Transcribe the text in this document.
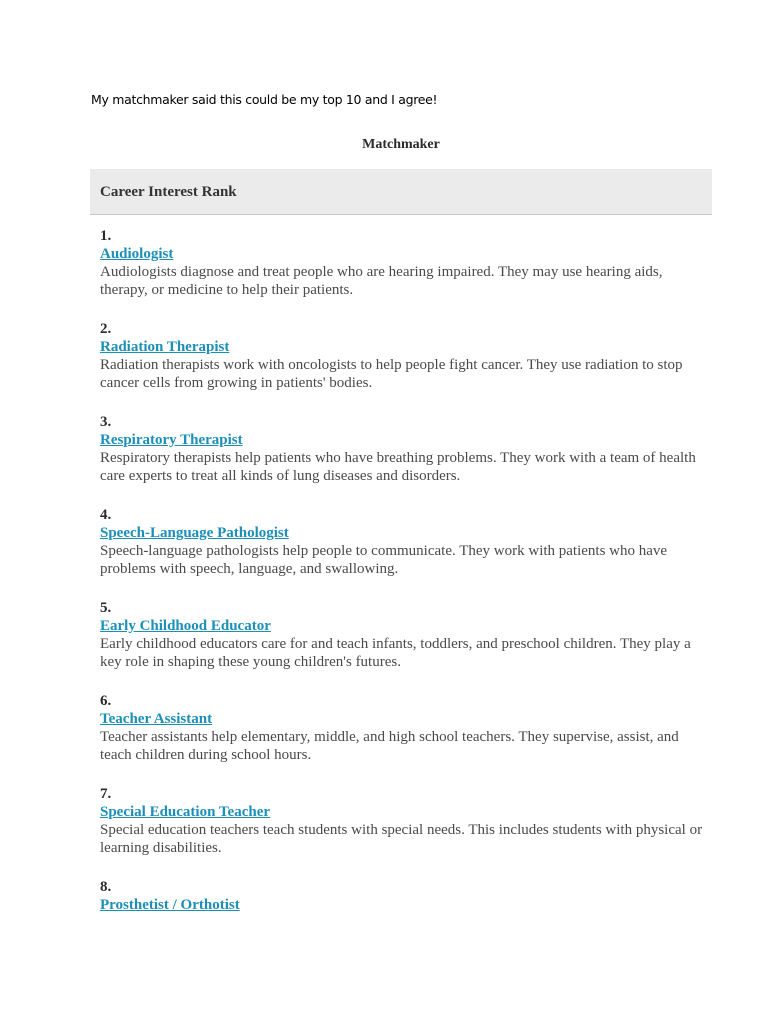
My matchmaker said this could be my top 10 and I agree!
Matchmaker
Career Interest Rank
1.
Audiologist
Audiologists diagnose and treat people who are hearing impaired. They may use hearing aids, therapy, or medicine to help their patients.
2.
Radiation Therapist
Radiation therapists work with oncologists to help people fight cancer. They use radiation to stop cancer cells from growing in patients' bodies.
3.
Respiratory Therapist
Respiratory therapists help patients who have breathing problems. They work with a team of health care experts to treat all kinds of lung diseases and disorders.
4.
Speech-Language Pathologist
Speech-language pathologists help people to communicate. They work with patients who have problems with speech, language, and swallowing.
5.
Early Childhood Educator
Early childhood educators care for and teach infants, toddlers, and preschool children. They play a key role in shaping these young children's futures.
6.
Teacher Assistant
Teacher assistants help elementary, middle, and high school teachers. They supervise, assist, and teach children during school hours.
7.
Special Education Teacher
Special education teachers teach students with special needs. This includes students with physical or learning disabilities.
8.
Prosthetist / Orthotist
